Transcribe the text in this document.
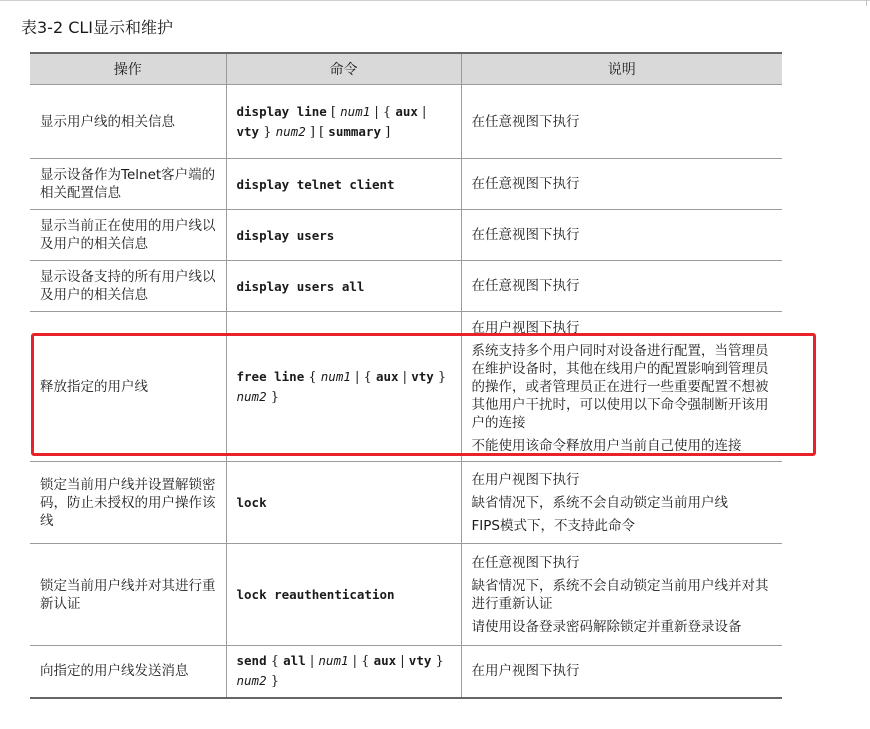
表3-2 CLI显示和维护
操作	命令	说明
显示用户线的相关信息	display line [ num1 | { aux | vty } num2 ] [ summary ]	在任意视图下执行

显示设备作为Telnet客户端的相关配置信息	display telnet client	在任意视图下执行

显示当前正在使用的用户线以及用户的相关信息	display users	在任意视图下执行

显示设备支持的所有用户线以及用户的相关信息	display users all	在任意视图下执行

释放指定的用户线	free line { num1 | { aux | vty } num2 }	在用户视图下执行
系统支持多个用户同时对设备进行配置，当管理员在维护设备时，其他在线用户的配置影响到管理员的操作，或者管理员正在进行一些重要配置不想被其他用户干扰时，可以使用以下命令强制断开该用户的连接
不能使用该命令释放用户当前自己使用的连接

锁定当前用户线并设置解锁密码，防止未授权的用户操作该线	lock	在用户视图下执行
缺省情况下，系统不会自动锁定当前用户线
FIPS模式下，不支持此命令

锁定当前用户线并对其进行重新认证	lock reauthentication	在任意视图下执行
缺省情况下，系统不会自动锁定当前用户线并对其进行重新认证
请使用设备登录密码解除锁定并重新登录设备

向指定的用户线发送消息	send { all | num1 | { aux | vty } num2 }	在用户视图下执行
